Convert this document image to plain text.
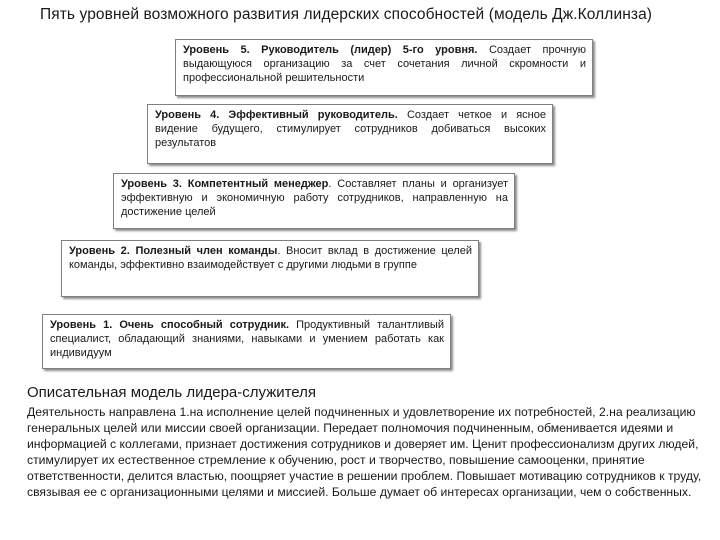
Пять уровней возможного развития лидерских способностей (модель Дж.Коллинза)
Уровень 5. Руководитель (лидер) 5-го уровня. Создает прочную выдающуюся организацию за счет сочетания личной скромности и профессиональной решительности
Уровень 4. Эффективный руководитель. Создает четкое и ясное видение будущего, стимулирует сотрудников добиваться высоких результатов
Уровень 3. Компетентный менеджер. Составляет планы и организует эффективную и экономичную работу сотрудников, направленную на достижение целей
Уровень 2. Полезный член команды. Вносит вклад в достижение целей команды, эффективно взаимодействует с другими людьми в группе
Уровень 1. Очень способный сотрудник. Продуктивный талантливый специалист, обладающий знаниями, навыками и умением работать как индивидуум
Описательная модель лидера-служителя
Деятельность направлена 1.на исполнение целей подчиненных и удовлетворение их потребностей, 2.на реализацию генеральных целей или миссии своей организации. Передает полномочия подчиненным, обменивается идеями и информацией с коллегами, признает достижения сотрудников и доверяет им. Ценит профессионализм других людей, стимулирует их естественное стремление к обучению, рост и творчество, повышение самооценки, принятие ответственности, делится властью, поощряет участие в решении проблем. Повышает мотивацию сотрудников к труду, связывая ее с организационными целями и миссией. Больше думает об интересах организации, чем о собственных.
